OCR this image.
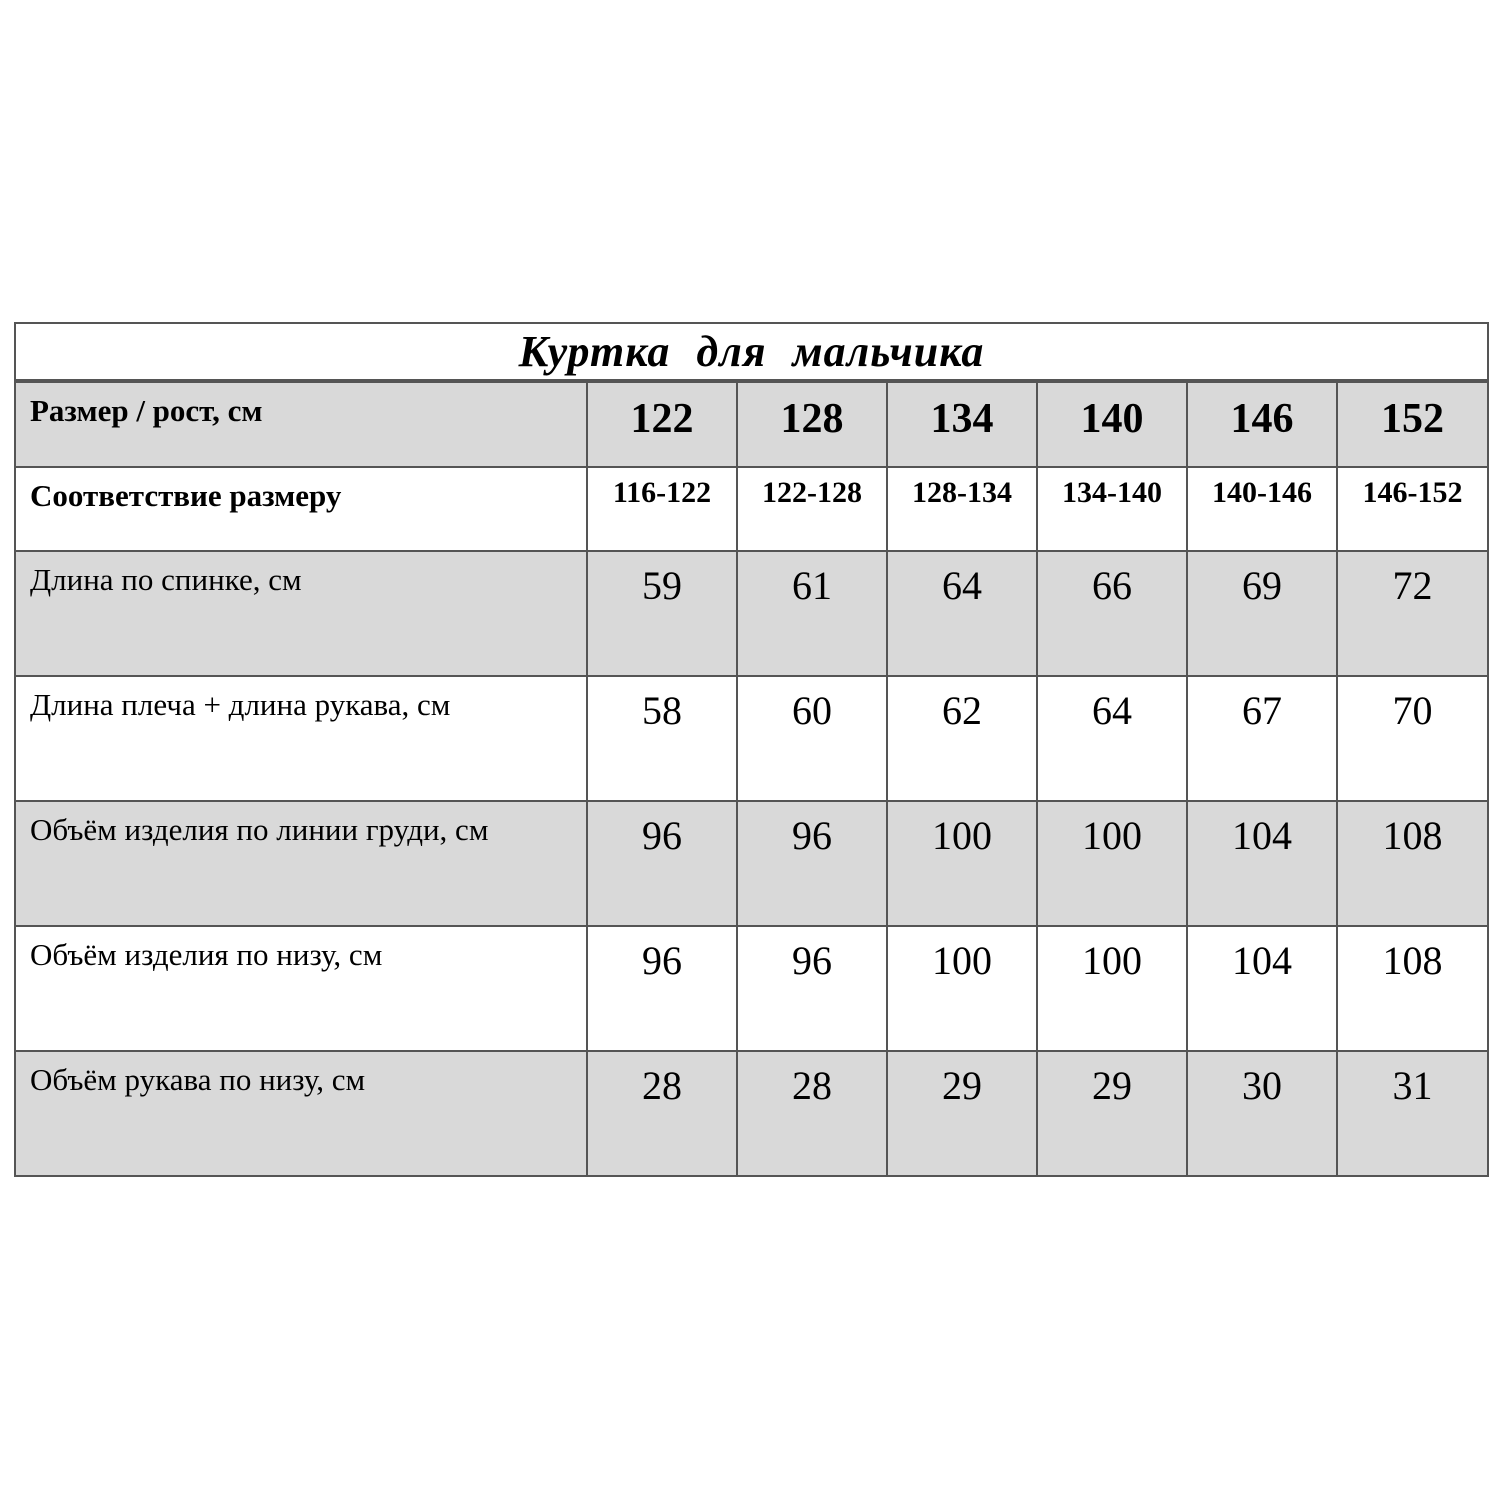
Куртка для мальчика						
Размер / рост, см	122	128	134	140	146	152
Соответствие размеру	116-122	122-128	128-134	134-140	140-146	146-152
Длина по спинке, см	59	61	64	66	69	72
Длина плеча + длина рукава, см	58	60	62	64	67	70
Объём изделия по линии груди, см	96	96	100	100	104	108
Объём изделия по низу, см	96	96	100	100	104	108
Объём рукава по низу, см	28	28	29	29	30	31
